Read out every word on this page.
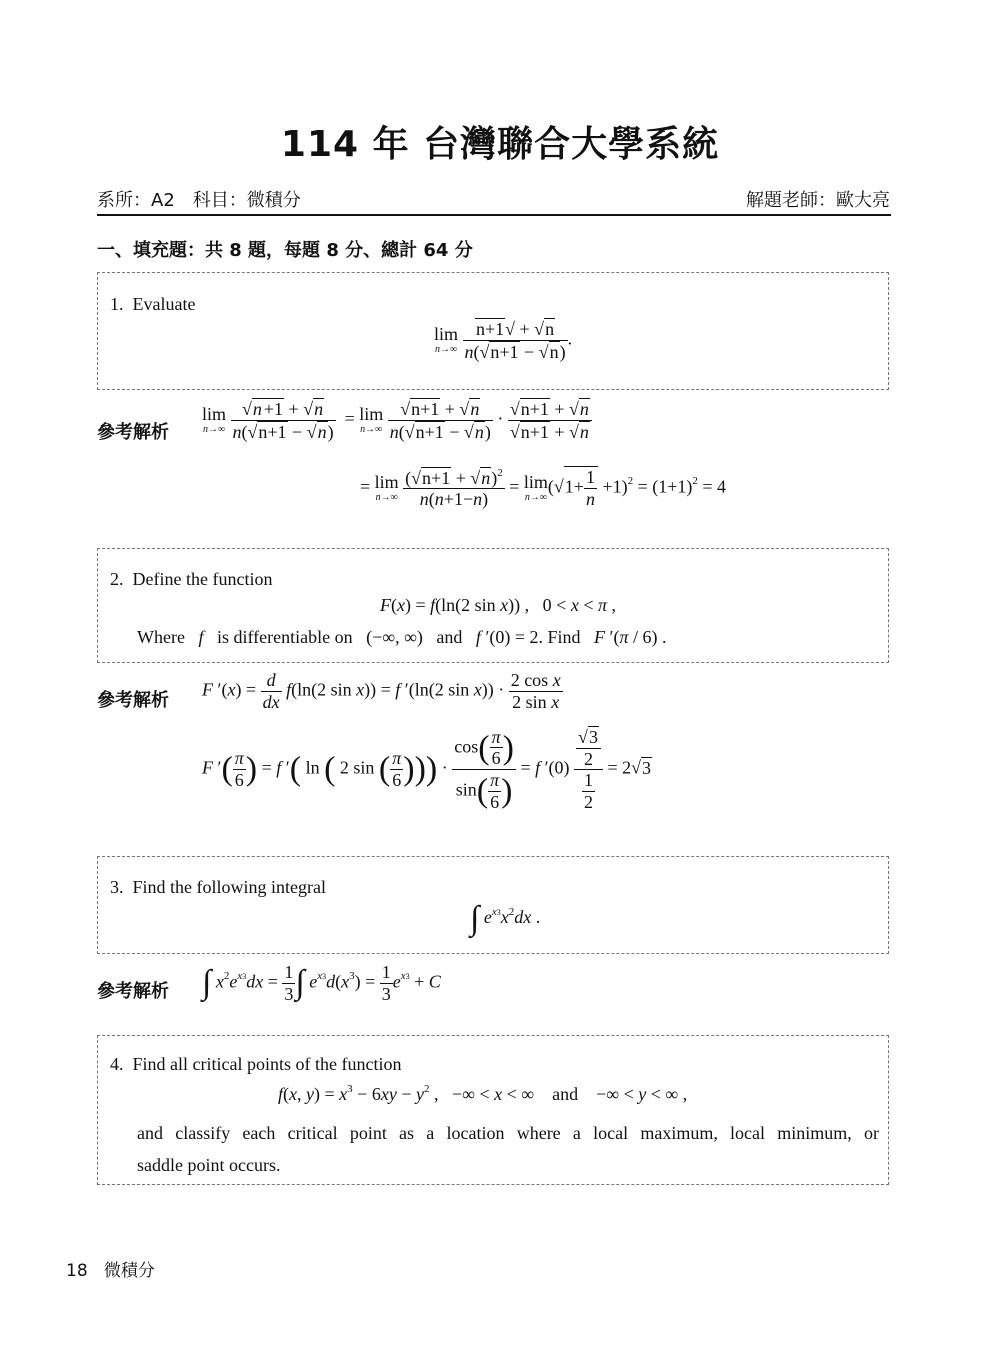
114 年 台灣聯合大學系統
系所：A2　科目：微積分	解題老師：歐大亮
一、填充題：共 8 題，每題 8 分、總計 64 分
1. Evaluate
lim
n→∞
$\frac{n+1√ + √n}{n(√n+1 - √n)}$ .
參考解析
lim
n→∞
$\frac{√n +1 + √n}{n(√n+1 - √n)} = \lim$
n→∞
$\frac{√n+1 + √n}{n(√n+1 - √n)} \cdot \frac{√n+1 + √n}{√n+1 + √n}$
= lim
n→∞
$\frac{(√n+1 + √n)^2}{n(n+1-n)} = \lim$
n→∞
$(√1+ \frac{1}{n} +1)^2 = (1+1)^2 = 4$
2. Define the function
F(x) = f(ln(2 sin x)) ,   0 < x < π ,
Where f is differentiable on   (−∞, ∞)   and f ′(0) = 2. Find F ′(π / 6) .
參考解析
F $'(x) = \frac{d}{dx} f(\ln(2$ sin x)) = f ′(ln(2 $\sin x)) \cdot \frac{\text{2 cos x}}{\text{2 sin x}}$
F ′( $\frac{\pi}{6}$ ) = f ′( ln ( 2 sin ( $\frac{\pi}{6}$ ))) · $\frac{\cos( \frac{\pi}{6} )}{\sin( \frac{\pi}{6} )} = f$ $'(0) \frac{\frac{√3}{2}}{\frac{1}{2}} = 2√3$
3. Find the following integral
∫ $e^{x3}x^2dx$ .
參考解析 ∫ $x^2e^{x3}dx = \frac{1}{3}$ ∫ $e^{x3}d(x^3) = \frac{1}{3} e^{x3} + C$
4. Find all critical points of the function
f(x, $y) = x^3 - 6xy - y^2$ ,   −∞ < x < ∞    and    −∞ < y < ∞ ,
and classify each critical point as a location where a local maximum, local minimum, or
saddle point occurs.
18 微積分
